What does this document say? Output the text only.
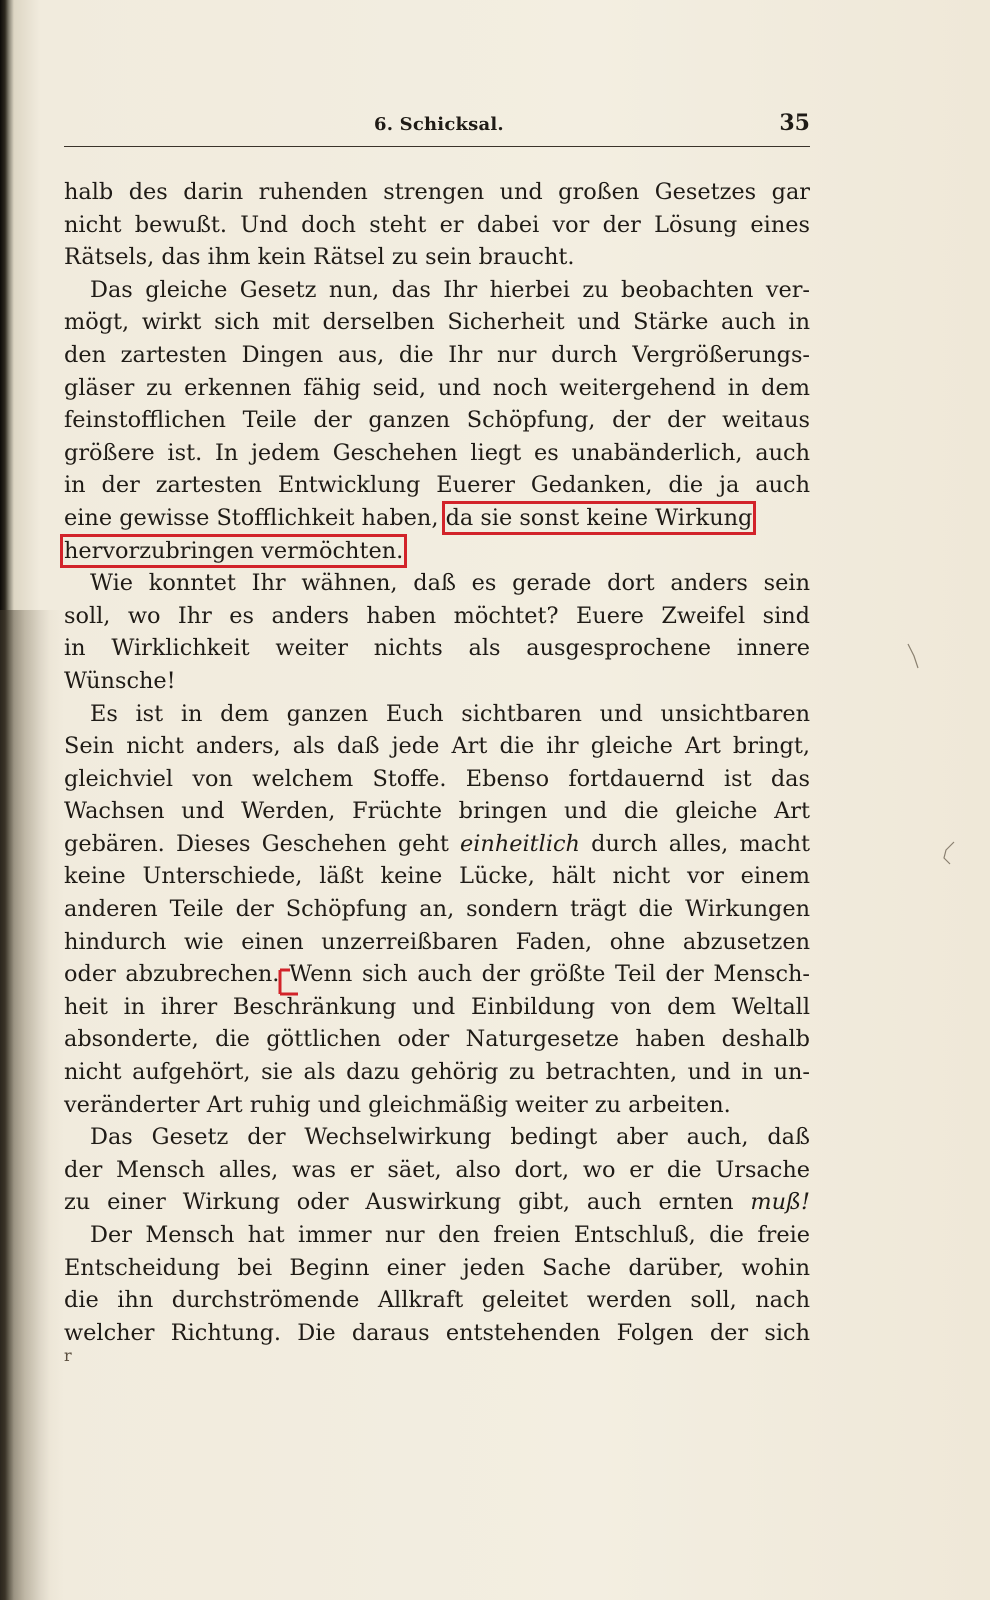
6. Schicksal.	35
halb des darin ruhenden strengen und großen Gesetzes gar
nicht bewußt. Und doch steht er dabei vor der Lösung eines
Rätsels, das ihm kein Rätsel zu sein braucht.
Das gleiche Gesetz nun, das Ihr hierbei zu beobachten ver-
mögt, wirkt sich mit derselben Sicherheit und Stärke auch in
den zartesten Dingen aus, die Ihr nur durch Vergrößerungs-
gläser zu erkennen fähig seid, und noch weitergehend in dem
feinstofflichen Teile der ganzen Schöpfung, der der weitaus
größere ist. In jedem Geschehen liegt es unabänderlich, auch
in der zartesten Entwicklung Euerer Gedanken, die ja auch
eine gewisse Stofflichkeit haben, da sie sonst keine Wirkung
hervorzubringen vermöchten.
Wie konntet Ihr wähnen, daß es gerade dort anders sein
soll, wo Ihr es anders haben möchtet? Euere Zweifel sind
in Wirklichkeit weiter nichts als ausgesprochene innere
Wünsche!
Es ist in dem ganzen Euch sichtbaren und unsichtbaren
Sein nicht anders, als daß jede Art die ihr gleiche Art bringt,
gleichviel von welchem Stoffe. Ebenso fortdauernd ist das
Wachsen und Werden, Früchte bringen und die gleiche Art
gebären. Dieses Geschehen geht einheitlich durch alles, macht
keine Unterschiede, läßt keine Lücke, hält nicht vor einem
anderen Teile der Schöpfung an, sondern trägt die Wirkungen
hindurch wie einen unzerreißbaren Faden, ohne abzusetzen
oder abzubrechen. Wenn sich auch der größte Teil der Mensch-
heit in ihrer Beschränkung und Einbildung von dem Weltall
absonderte, die göttlichen oder Naturgesetze haben deshalb
nicht aufgehört, sie als dazu gehörig zu betrachten, und in un-
veränderter Art ruhig und gleichmäßig weiter zu arbeiten.
Das Gesetz der Wechselwirkung bedingt aber auch, daß
der Mensch alles, was er säet, also dort, wo er die Ursache
zu einer Wirkung oder Auswirkung gibt, auch ernten muß!
Der Mensch hat immer nur den freien Entschluß, die freie
Entscheidung bei Beginn einer jeden Sache darüber, wohin
die ihn durchströmende Allkraft geleitet werden soll, nach
welcher Richtung. Die daraus entstehenden Folgen der sich
r
